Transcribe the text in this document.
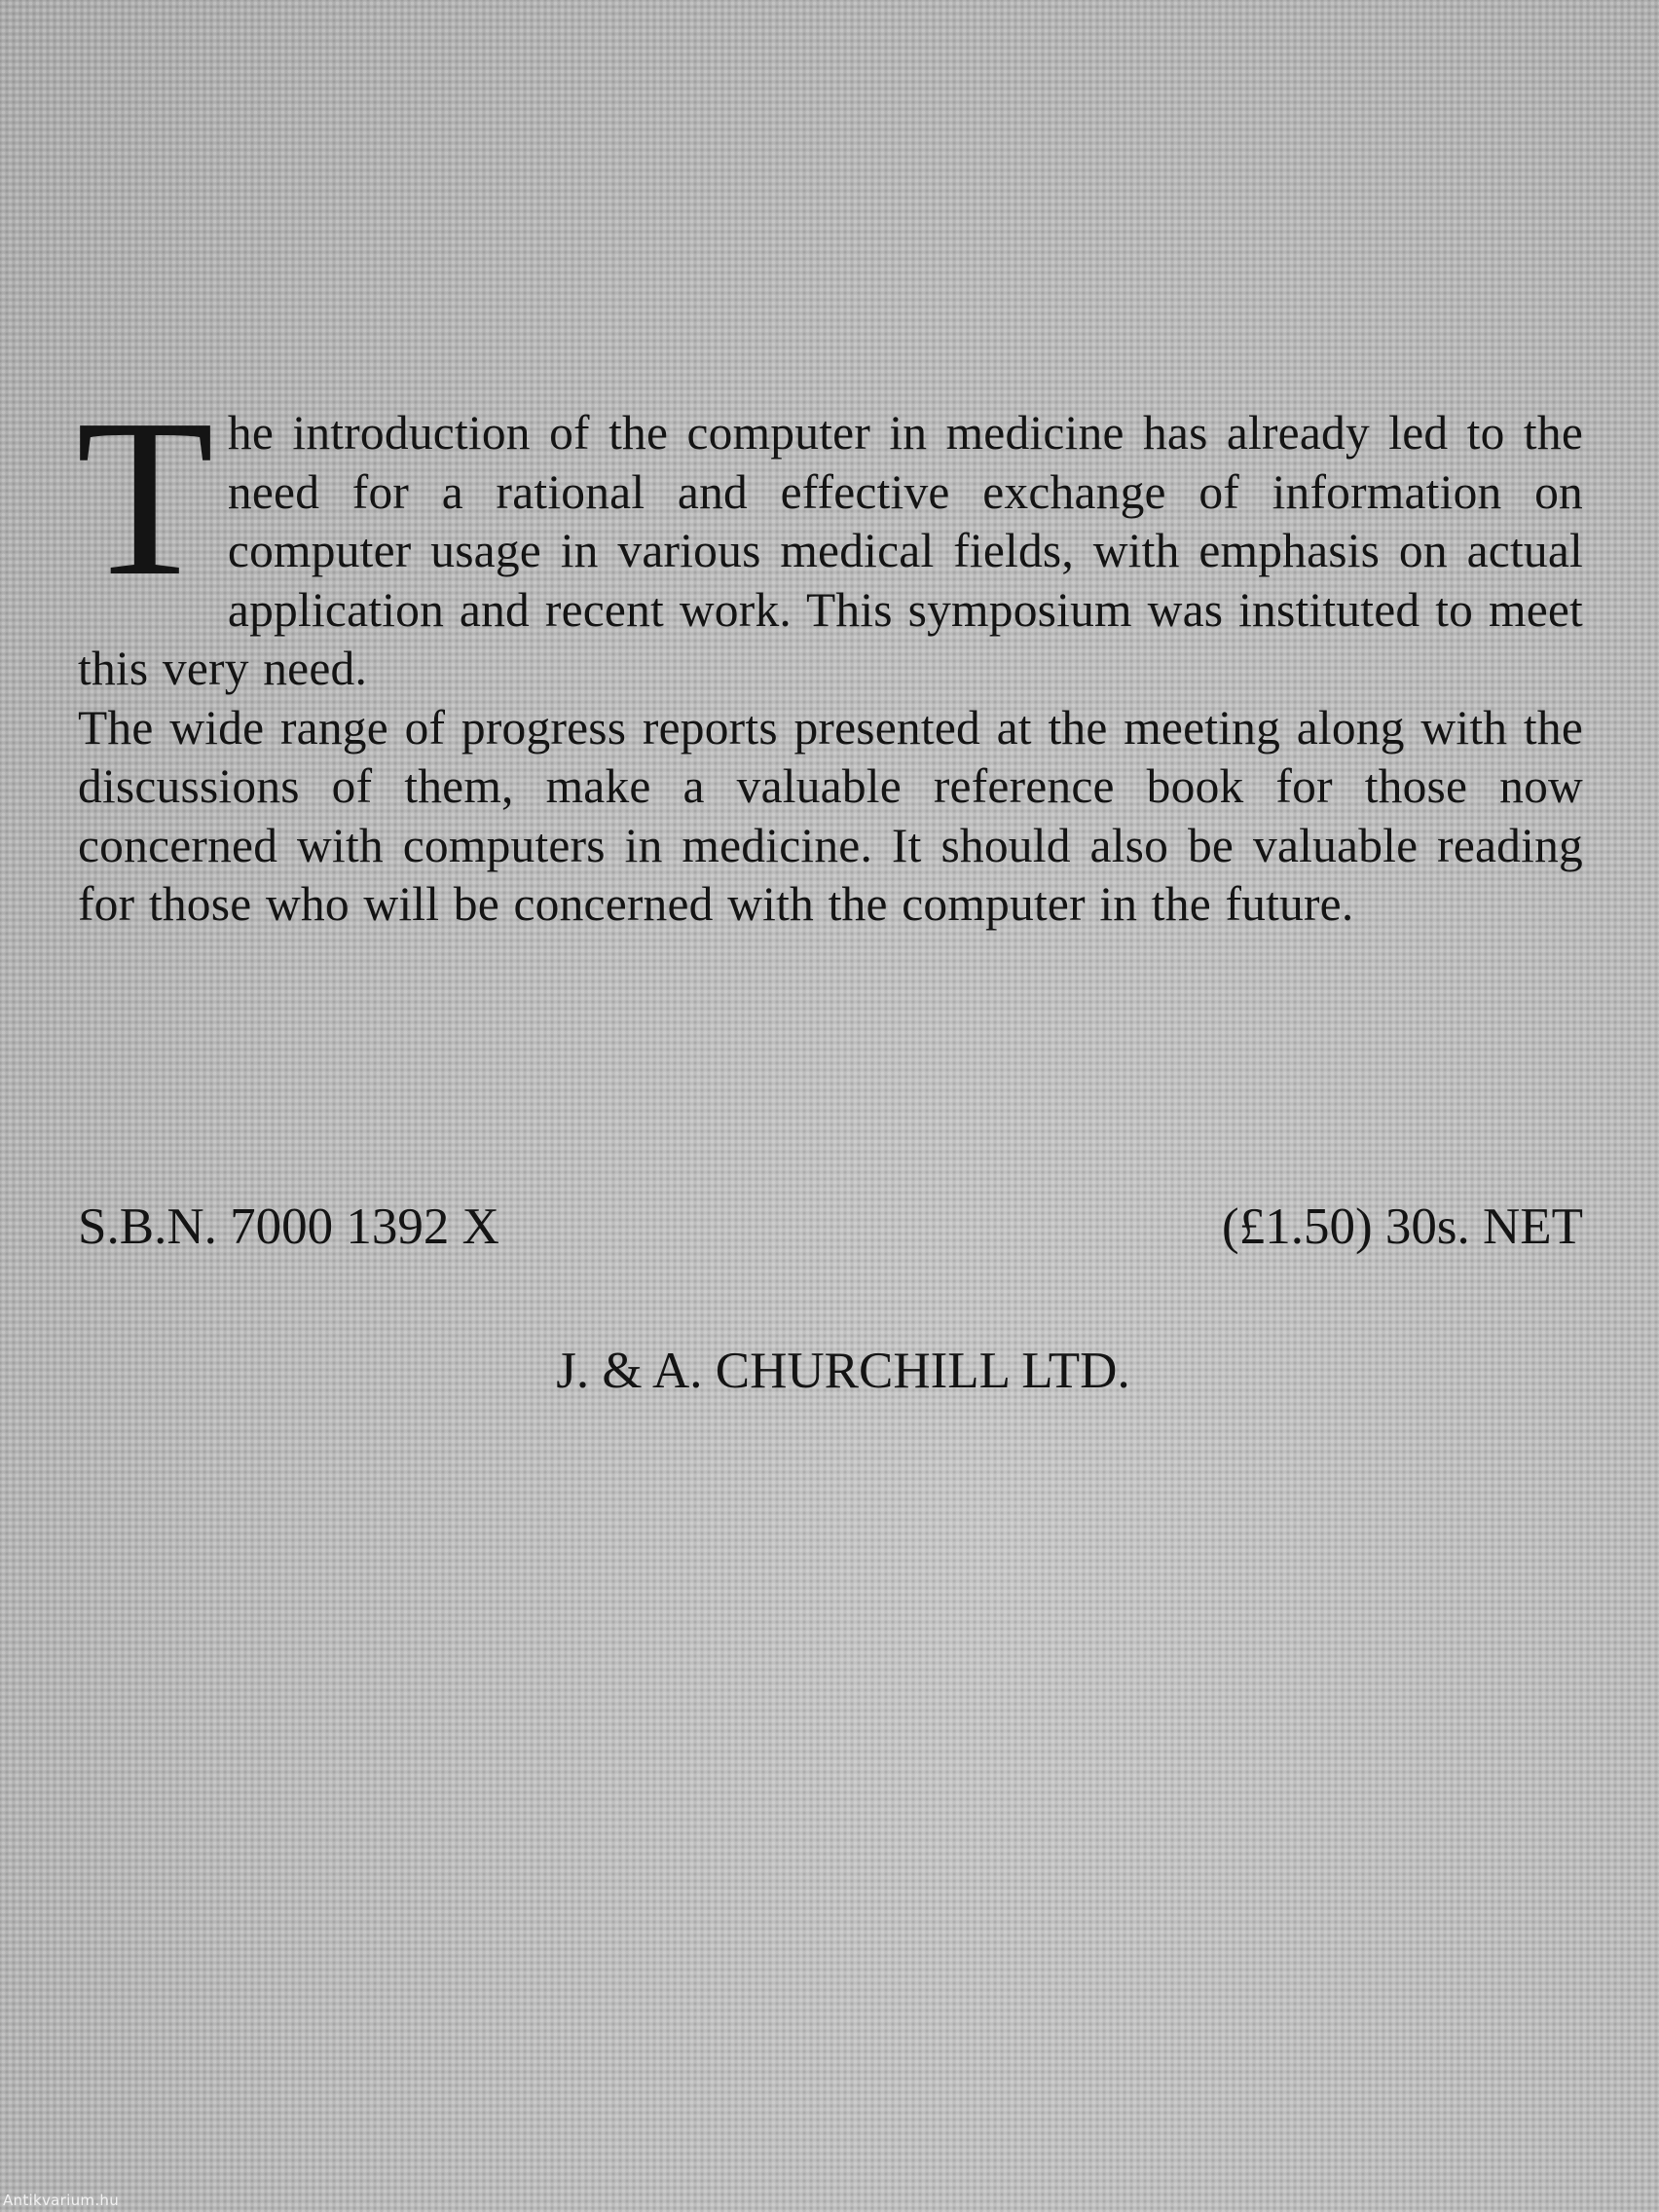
The introduction of the computer in medicine has already led to the need for a rational and effective exchange of information on computer usage in various medical fields, with emphasis on actual application and recent work. This symposium was instituted to meet this very need.

The wide range of progress reports presented at the meeting along with the discussions of them, make a valuable reference book for those now concerned with computers in medicine. It should also be valuable reading for those who will be concerned with the computer in the future.

S.B.N. 7000 1392 X	(£1.50) 30s. NET
J. & A. CHURCHILL LTD.
Antikvarium.hu
